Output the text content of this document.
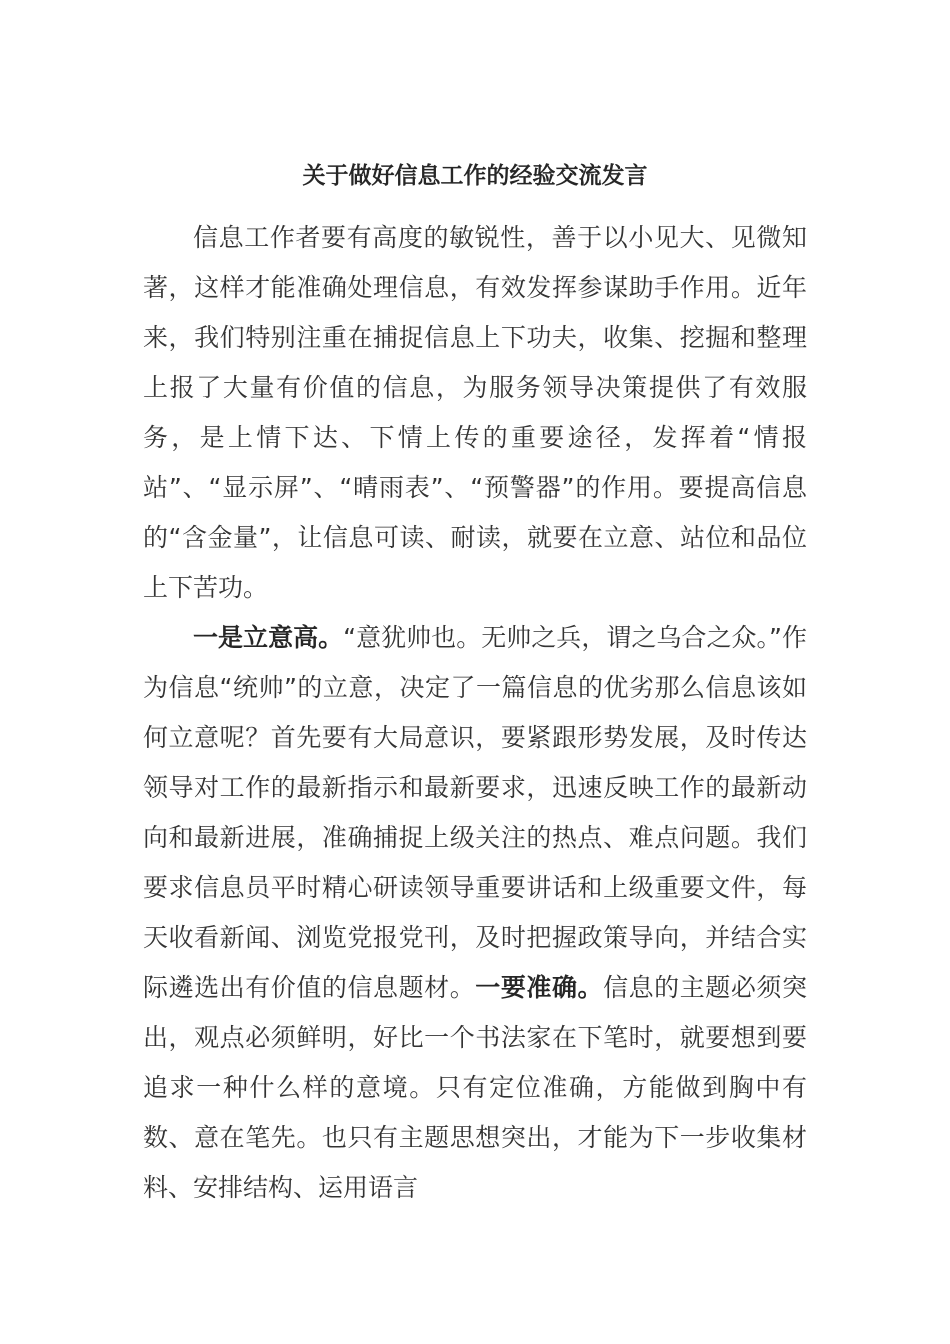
关于做好信息工作的经验交流发言

信息工作者要有高度的敏锐性，善于以小见大、见微知著，这样才能准确处理信息，有效发挥参谋助手作用。近年来，我们特别注重在捕捉信息上下功夫，收集、挖掘和整理上报了大量有价值的信息，为服务领导决策提供了有效服务，是上情下达、下情上传的重要途径，发挥着“情报站”、“显示屏”、“晴雨表”、“预警器”的作用。要提高信息的“含金量”，让信息可读、耐读，就要在立意、站位和品位上下苦功。

一是立意高。“意犹帅也。无帅之兵，谓之乌合之众。”作为信息“统帅”的立意，决定了一篇信息的优劣那么信息该如何立意呢？首先要有大局意识，要紧跟形势发展，及时传达领导对工作的最新指示和最新要求，迅速反映工作的最新动向和最新进展，准确捕捉上级关注的热点、难点问题。我们要求信息员平时精心研读领导重要讲话和上级重要文件，每天收看新闻、浏览党报党刊，及时把握政策导向，并结合实际遴选出有价值的信息题材。一要准确。信息的主题必须突出，观点必须鲜明，好比一个书法家在下笔时，就要想到要追求一种什么样的意境。只有定位准确，方能做到胸中有数、意在笔先。也只有主题思想突出，才能为下一步收集材料、安排结构、运用语言
